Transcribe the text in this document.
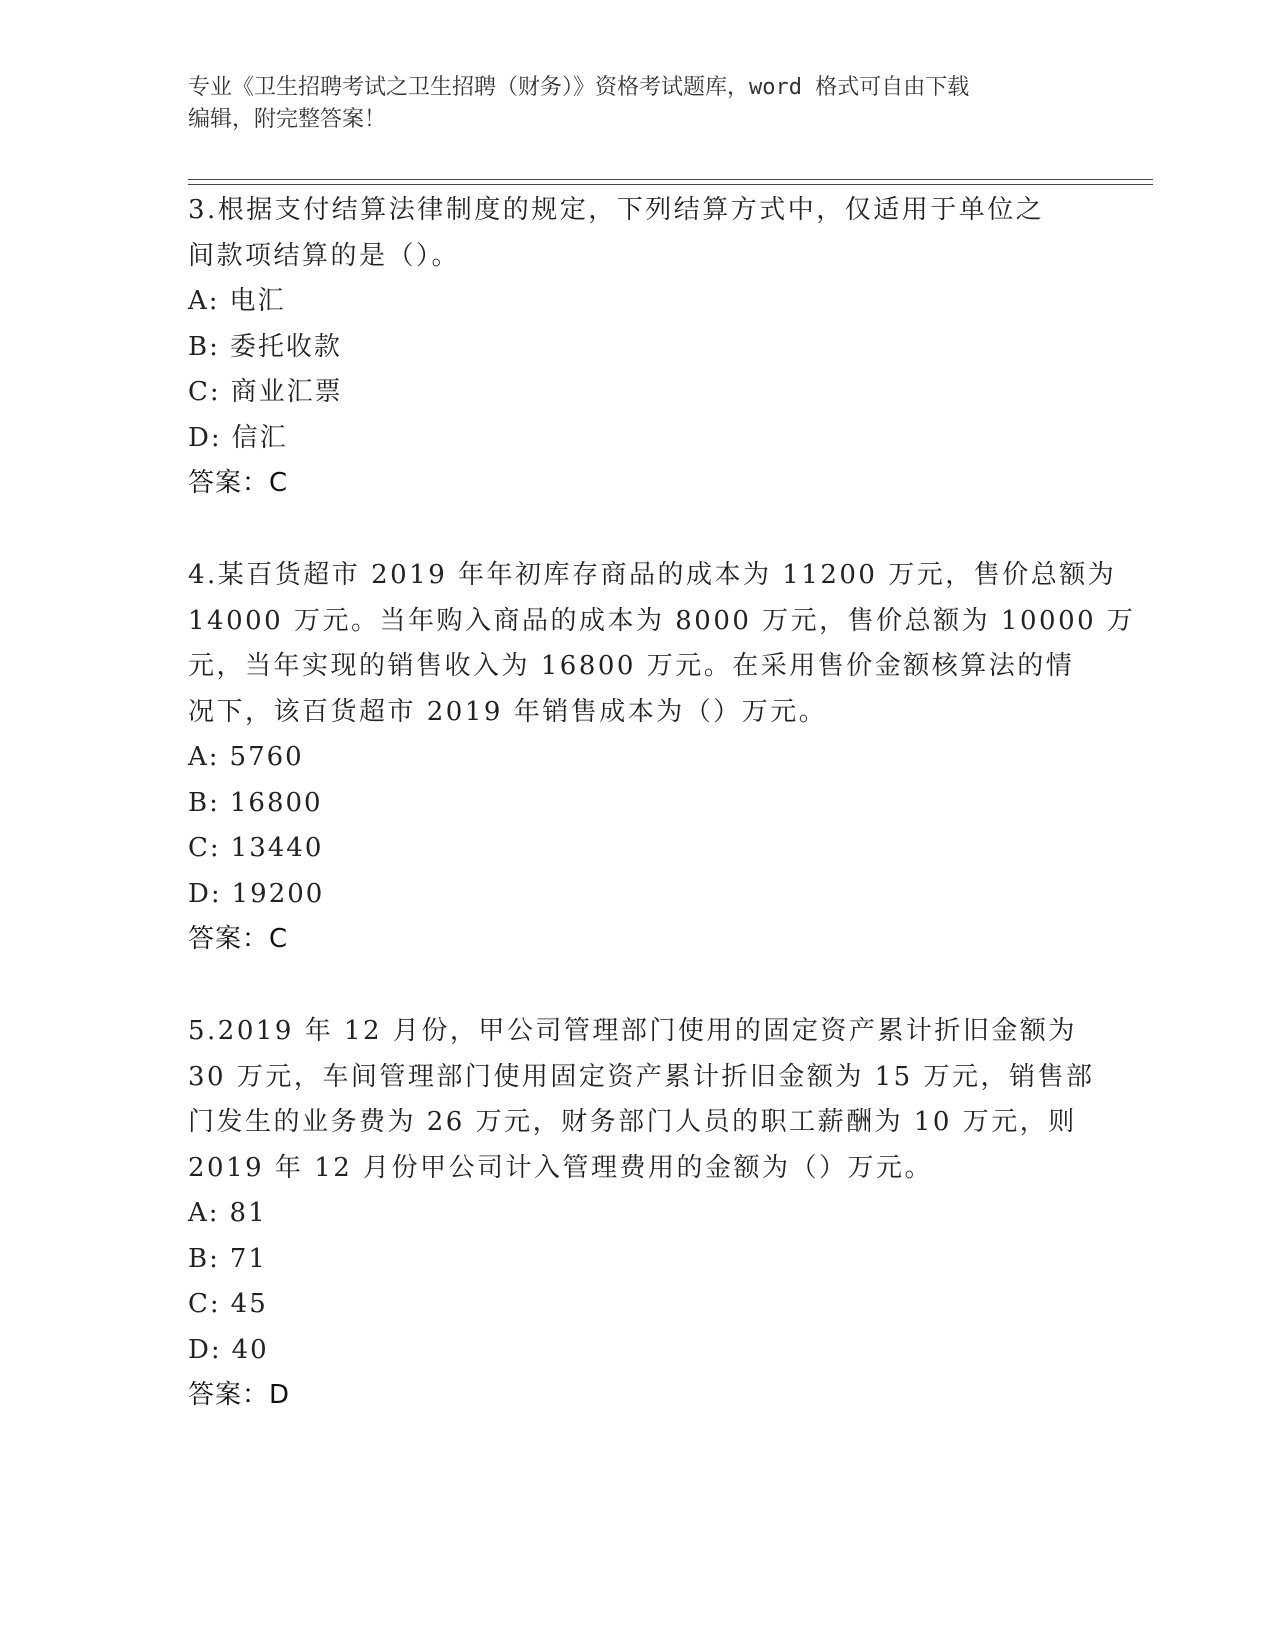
专业《卫生招聘考试之卫生招聘（财务）》资格考试题库，word 格式可自由下载
编辑，附完整答案！

3.根据支付结算法律制度的规定，下列结算方式中，仅适用于单位之
间款项结算的是（）。

A: 电汇
B: 委托收款
C: 商业汇票
D: 信汇
答案：C

4.某百货超市 2019 年年初库存商品的成本为 11200 万元，售价总额为
14000 万元。当年购入商品的成本为 8000 万元，售价总额为 10000 万
元，当年实现的销售收入为 16800 万元。在采用售价金额核算法的情
况下，该百货超市 2019 年销售成本为（）万元。

A: 5760
B: 16800
C: 13440
D: 19200
答案：C

5.2019 年 12 月份，甲公司管理部门使用的固定资产累计折旧金额为
30 万元，车间管理部门使用固定资产累计折旧金额为 15 万元，销售部
门发生的业务费为 26 万元，财务部门人员的职工薪酬为 10 万元，则
2019 年 12 月份甲公司计入管理费用的金额为（）万元。

A: 81
B: 71
C: 45
D: 40
答案：D
